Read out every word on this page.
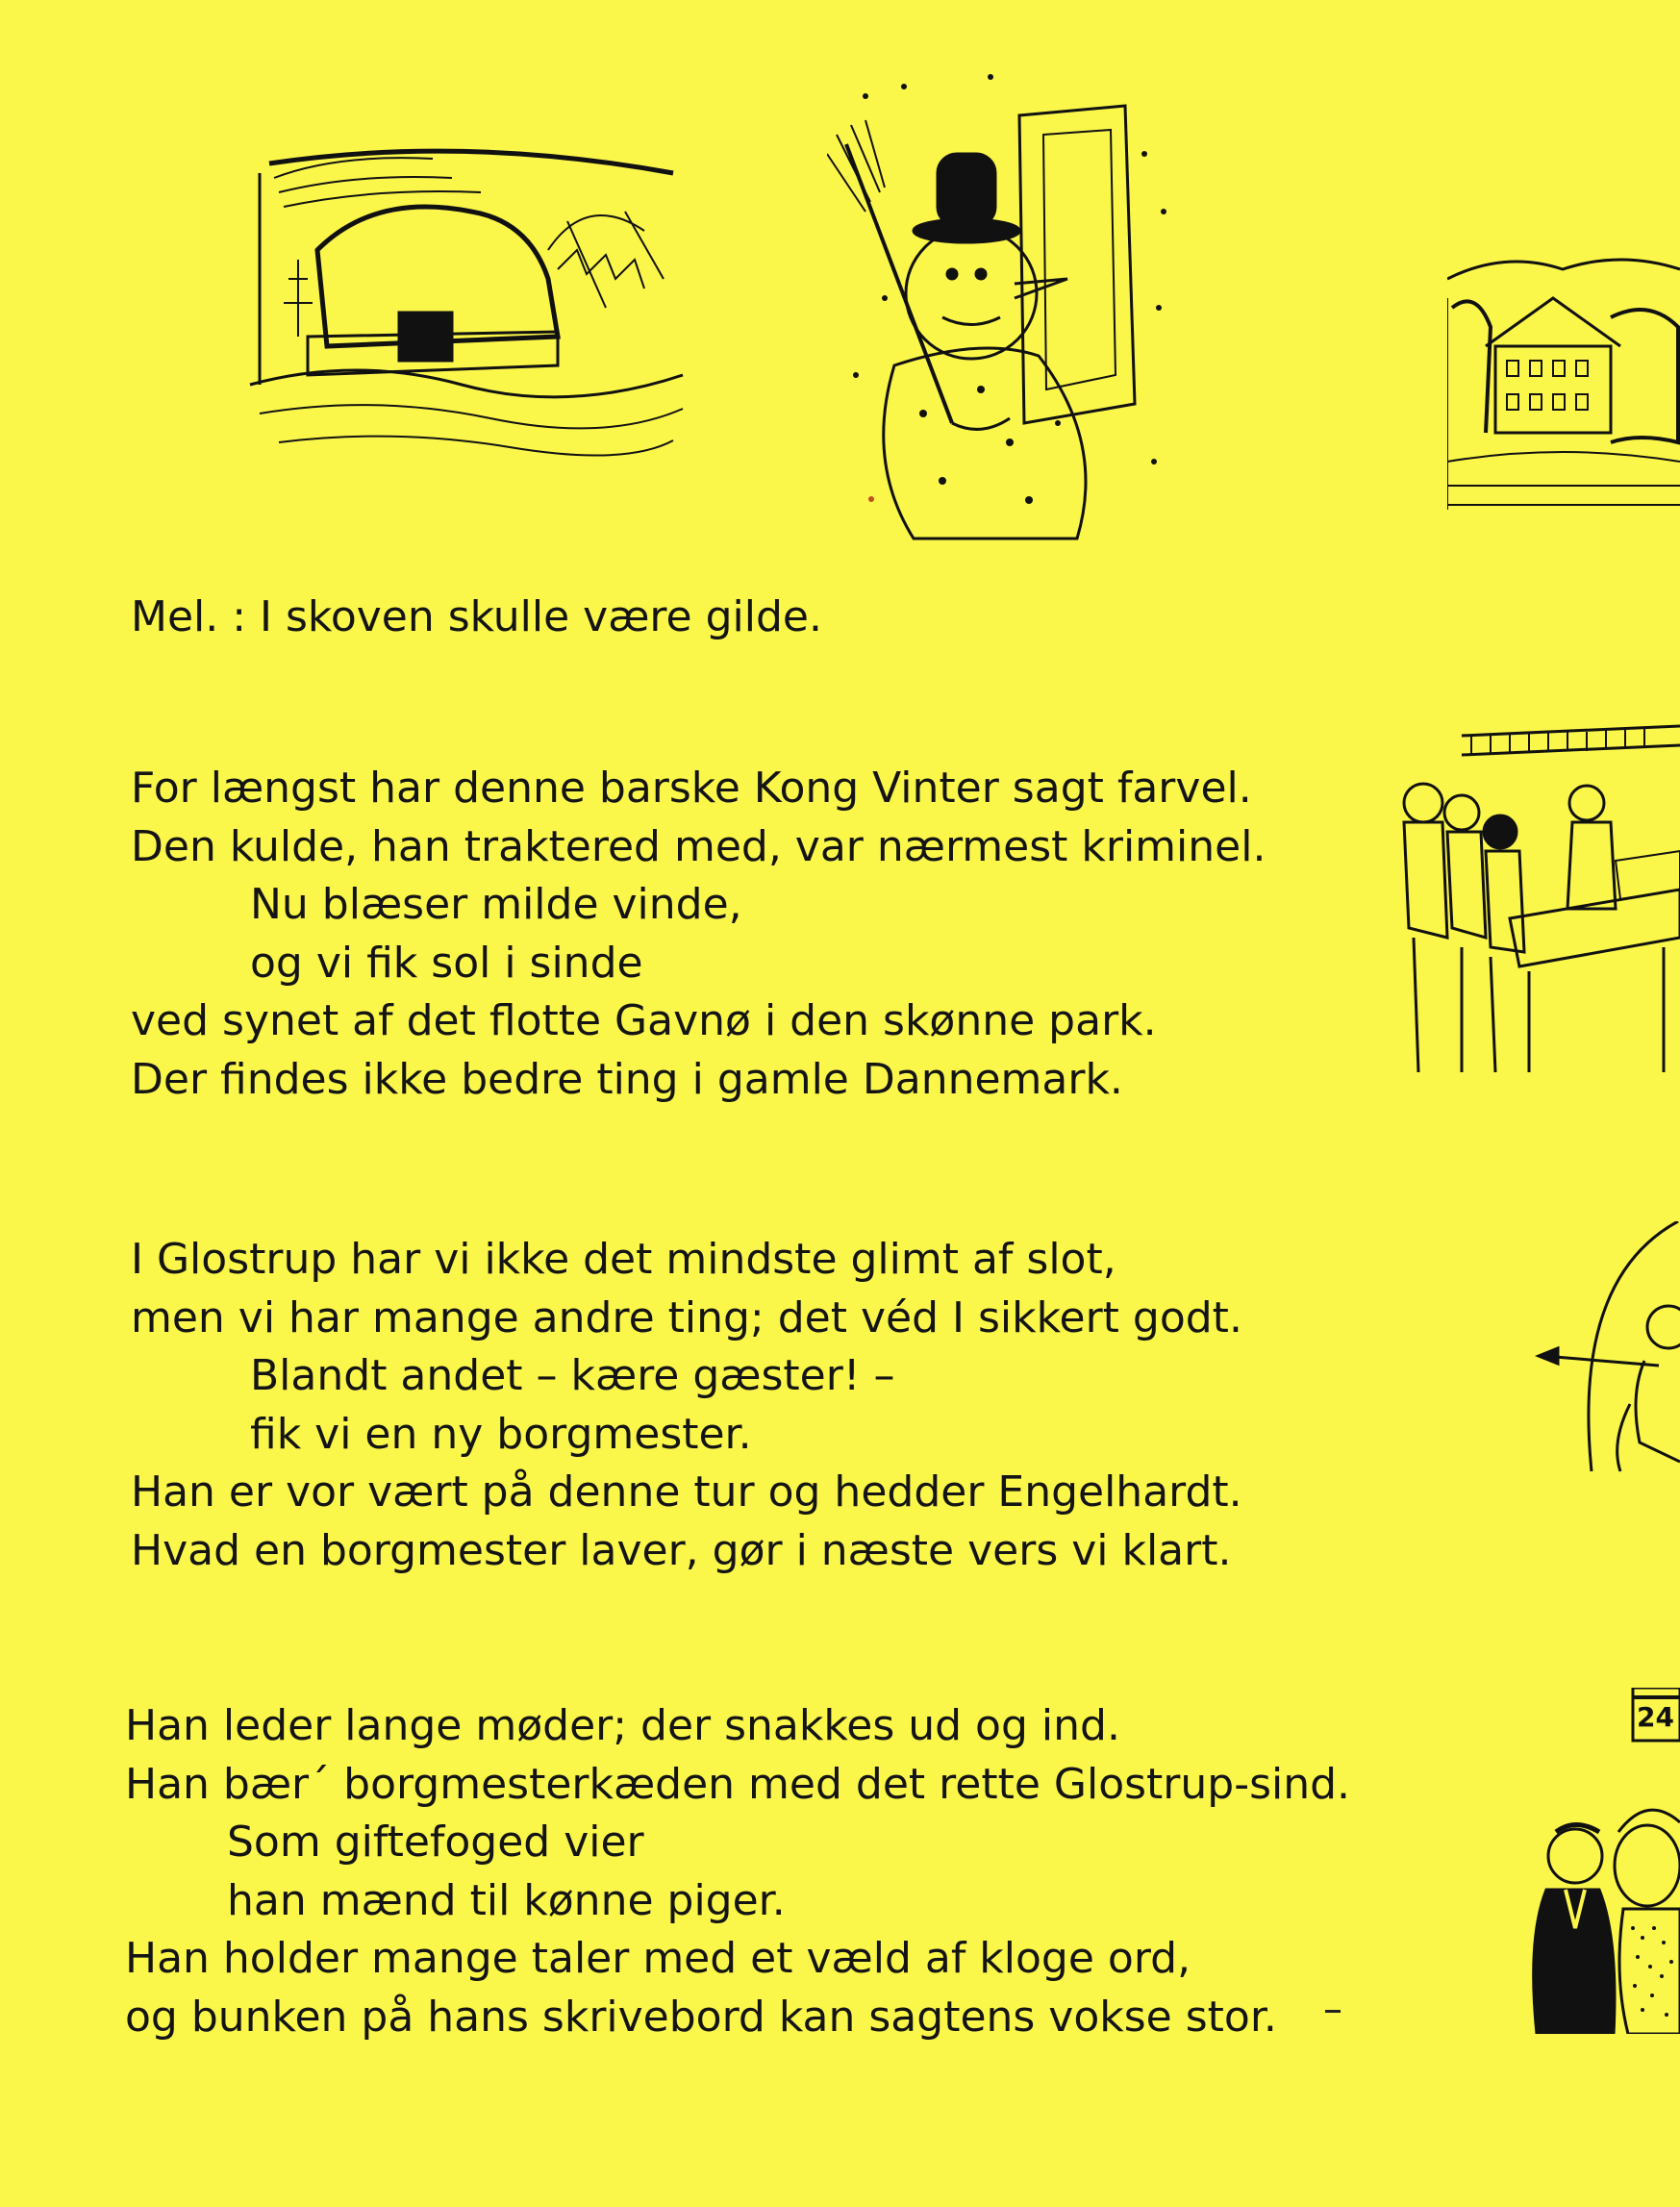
24
Mel. : I skoven skulle være gilde.

For længst har denne barske Kong Vinter sagt farvel.

Den kulde, han traktered med, var nærmest kriminel.

Nu blæser milde vinde,

og vi fik sol i sinde

ved synet af det flotte Gavnø i den skønne park.

Der findes ikke bedre ting i gamle Dannemark.

I Glostrup har vi ikke det mindste glimt af slot,

men vi har mange andre ting; det véd I sikkert godt.

Blandt andet – kære gæster! –

fik vi en ny borgmester.

Han er vor vært på denne tur og hedder Engelhardt.

Hvad en borgmester laver, gør i næste vers vi klart.

Han leder lange møder; der snakkes ud og ind.

Han bær´ borgmesterkæden med det rette Glostrup-sind.

Som giftefoged vier

han mænd til kønne piger.

Han holder mange taler med et væld af kloge ord,

og bunken på hans skrivebord kan sagtens vokse stor.
